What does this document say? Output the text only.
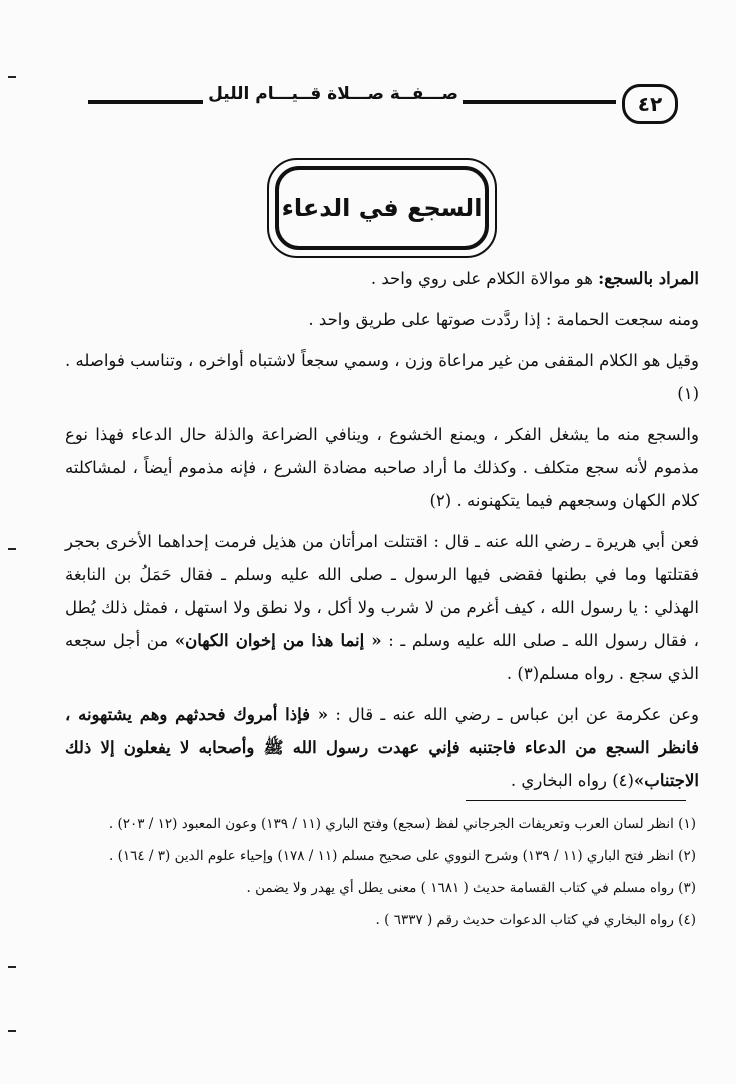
صـــفــة صـــلاة قــيـــام الليل	٤٢
السجع في الدعاء

المراد بالسجع: هو موالاة الكلام على روي واحد .

ومنه سجعت الحمامة : إذا ردَّدت صوتها على طريق واحد .

وقيل هو الكلام المقفى من غير مراعاة وزن ، وسمي سجعاً لاشتباه أواخره ، وتناسب فواصله . (١)

والسجع منه ما يشغل الفكر ، ويمنع الخشوع ، وينافي الضراعة والذلة حال الدعاء فهذا نوع مذموم لأنه سجع متكلف . وكذلك ما أراد صاحبه مضادة الشرع ، فإنه مذموم أيضاً ، لمشاكلته كلام الكهان وسجعهم فيما يتكهنونه . (٢)

فعن أبي هريرة ـ رضي الله عنه ـ قال : اقتتلت امرأتان من هذيل فرمت إحداهما الأخرى بحجر فقتلتها وما في بطنها فقضى فيها الرسول ـ صلى الله عليه وسلم ـ فقال حَمَلُ بن النابغة الهذلي : يا رسول الله ، كيف أغرم من لا شرب ولا أكل ، ولا نطق ولا استهل ، فمثل ذلك يُطل ، فقال رسول الله ـ صلى الله عليه وسلم ـ : « إنما هذا من إخوان الكهان» من أجل سجعه الذي سجع . رواه مسلم(٣) .

وعن عكرمة عن ابن عباس ـ رضي الله عنه ـ قال : « فإذا أمروك فحدثهم وهم يشتهونه ، فانظر السجع من الدعاء فاجتنبه فإني عهدت رسول الله ﷺ وأصحابه لا يفعلون إلا ذلك الاجتناب»(٤) رواه البخاري .

(١) انظر لسان العرب وتعريفات الجرجاني لفظ (سجع) وفتح الباري (١١ / ١٣٩) وعون المعبود (١٢ / ٢٠٣) .

(٢) انظر فتح الباري (١١ / ١٣٩) وشرح النووي على صحيح مسلم (١١ / ١٧٨) وإحياء علوم الدين (٣ / ١٦٤) .

(٣) رواه مسلم في كتاب القسامة حديث ( ١٦٨١ ) معنى يطل أي يهدر ولا يضمن .

(٤) رواه البخاري في كتاب الدعوات حديث رقم ( ٦٣٣٧ ) .
